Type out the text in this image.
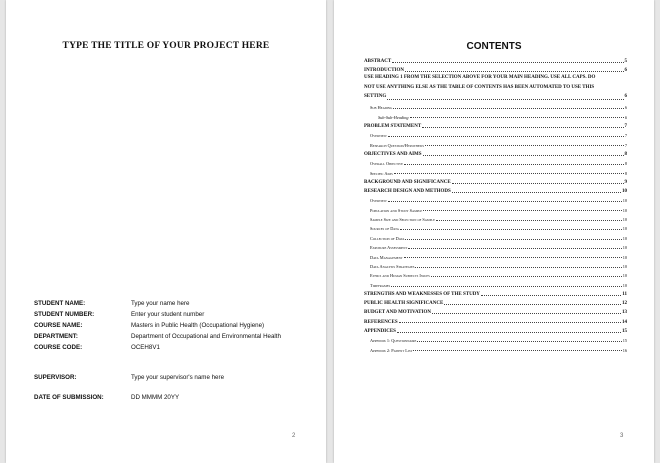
TYPE THE TITLE OF YOUR PROJECT HERE
STUDENT NAME:	Type your name here
STUDENT NUMBER:	Enter your student number
COURSE NAME:	Masters in Public Health (Occupational Hygiene)
DEPARTMENT:	Department of Occupational and Environmental Health
COURSE CODE:	OCEH8V1
SUPERVISOR:	Type your supervisor's name here
DATE OF SUBMISSION:	DD MMMM 20YY
2
CONTENTS
ABSTRACT	5
INTRODUCTION	6
USE HEADING 1 FROM THE SELECTION ABOVE FOR YOUR MAIN HEADING. USE ALL CAPS. DO
NOT USE ANYTHING ELSE AS THE TABLE OF CONTENTS HAS BEEN AUTOMATED TO USE THIS
SETTING	6
Sub Heading	6
Sub-Sub-Heading	6
PROBLEM STATEMENT	7
Overview	7
Research Question/Hypothesis	7
OBJECTIVES AND AIMS	8
Overall Objective	8
Specific Aims	8
BACKGROUND AND SIGNIFICANCE	9
RESEARCH DESIGN AND METHODS	10
Overview	10
Population and Study Sample	10
Sample Size and Selection of Sample	10
Sources of Data	10
Collection of Data	10
Exposure Assessment	10
Data Management	10
Data Analysis Strategies	10
Ethics and Human Subjects Issues	10
Timeframes	10
STRENGTHS AND WEAKNESSES OF THE STUDY	11
PUBLIC HEALTH SIGNIFICANCE	12
BUDGET AND MOTIVATION	13
REFERENCES	14
APPENDICES	15
Appendix 1: Questionnaire	15
Appendix 2: Patient List	16
3
